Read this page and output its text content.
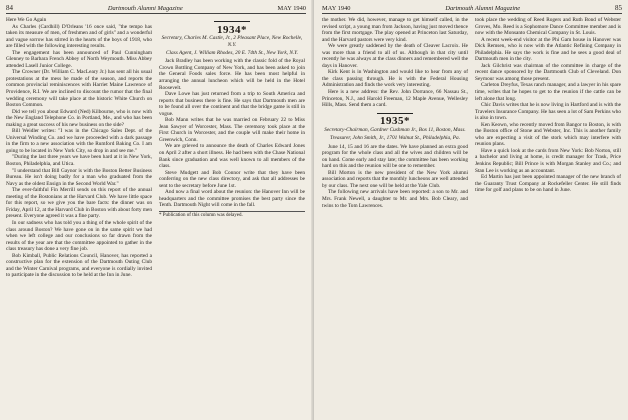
84	Dartmouth Alumni Magazine	MAY 1940

Here We Go Again

As Charles (Cardhill) D'Orleans '16 once said, "the tempo has taken its measure of men, of freshmen and of girls" and a wonderful and vague sorrow has stirred in the hearts of the boys of 1918, who are filled with the following interesting results.

The engagement has been announced of Paul Cunningham Glenney to Barbara French Abbey of North Weymouth. Miss Abbey attended Lasell Junior College.

The Crowner (Dr. William C. MacLeary Jr.) has sent all his usual protestations at the mess he made of the season, and reports the common provincial reminiscences with Harriet Maine Lawrence of Providence, R.I. We are inclined to discount the rumor that the final wedding ceremony will take place at the historic White Church on Boston Common.

Did we tell you about Edward (Ned) Kilbourne, who is now with the New England Telephone Co. in Portland, Me., and who has been making a great success of his new business on the side?

Bill Weidler writes: "I was in the Chicago Sales Dept. of the Universal Winding Co. and we have proceeded with a dark passage in the firm to a new association with the Rumford Baking Co. I am going to be located in New York City, so drop in and see me."

"During the last three years we have been hard at it in New York, Boston, Philadelphia, and Utica.

"I understand that Bill Gaynor is with the Boston Better Business Bureau. He isn't doing badly for a man who graduated from the Navy as the oldest Ensign in the Second World War."

The ever-faithful Fin Merrill sends on this report of the annual meeting of the Bostonians at the Harvard Club. We have little space for this report, so we give you the bare facts: the dinner was on Friday, April 12, at the Harvard Club in Boston with about forty men present. Everyone agreed it was a fine party.

In our sadness who has told you a thing of the whole spirit of the class around Boston? We have gone on in the same spirit we had when we left college and our conclusions so far drawn from the results of the year are that the committee appointed to gather in the class treasury has done a very fine job.

Bob Kimball, Public Relations Council, Hanover, has reported a constructive plan for the extension of the Dartmouth Outing Club and the Winter Carnival programs, and everyone is cordially invited to participate in the discussion to be held at the Inn in June.

1934*
Secretary, Charles M. Castle, Jr., 2 Pleasant Place, New Rochelle, N.Y.
Class Agent, J. William Rhodes, 20 E. 74th St., New York, N.Y.

Jack Bradley has been working with the classic fold of the Royal Crown Bottling Company of New York, and has been asked to join the General Foods sales force. He has been most helpful in arranging the annual luncheon which will be held in the Hotel Roosevelt.

Dave Lowe has just returned from a trip to South America and reports that business there is fine. He says that Dartmouth men are to be found all over the continent and that the bridge game is still in vogue.

Bob Mann writes that he was married on February 22 to Miss Jean Sawyer of Worcester, Mass. The ceremony took place at the First Church in Worcester, and the couple will make their home in Greenwich, Conn.

We are grieved to announce the death of Charles Edward Jones on April 2 after a short illness. He had been with the Chase National Bank since graduation and was well known to all members of the class.

Steve Mudgett and Bob Connor write that they have been conferring on the new class directory, and ask that all addresses be sent to the secretary before June 1st.

And now a final word about the reunion: the Hanover Inn will be headquarters and the committee promises the best party since the Tenth. Dartmouth Night will come in the fall.

* Publication of this column was delayed.
MAY 1940	Dartmouth Alumni Magazine	85

the mother. We did, however, manage to get himself called, in the revised script, a young man from Jackson, having just moved thence from the first mortgage. The play opened at Princeton last Saturday, and the Harvard pastors were very kind.

We were greatly saddened by the death of Cleaver Lacroix. He was more than a friend to all of us. Although in that city until recently he was always at the class dinners and remembered well the days in Hanover.

Kirk Kent is in Washington and would like to hear from any of the class passing through. He is with the Federal Housing Administration and finds the work very interesting.

Here is a new address: the Rev. John Dorrance, 66 Nassau St., Princeton, N.J., and Harold Freeman, 12 Maple Avenue, Wellesley Hills, Mass. Send them a card.

1935*
Secretary-Chairman, Gardner Cushman Jr., Box 11, Boston, Mass.
Treasurer, John Smith, Jr., 1701 Walnut St., Philadelphia, Pa.

June 14, 15 and 16 are the dates. We have planned an extra good program for the whole class and all the wives and children will be on hand. Come early and stay late; the committee has been working hard on this and the reunion will be one to remember.

Bill Morton is the new president of the New York alumni association and reports that the monthly luncheons are well attended by our class. The next one will be held at the Yale Club.

The following new arrivals have been reported: a son to Mr. and Mrs. Frank Newell, a daughter to Mr. and Mrs. Bob Cleary, and twins to the Tom Lawrences.

took place the wedding of Reed Rogers and Ruth Bond of Webster Groves, Mo. Reed is a Sophomore Dance Committee member and is now with the Monsanto Chemical Company in St. Louis.

A recent week-end visitor at the Phi Gam house in Hanover was Dick Remsen, who is now with the Atlantic Refining Company in Philadelphia. He says the work is fine and he sees a good deal of Dartmouth men in the city.

Jack Gilchrist was chairman of the committee in charge of the recent dance sponsored by the Dartmouth Club of Cleveland. Don Seymour was among those present.

Carleton Dreyfus, Texas ranch manager, and a lawyer in his spare time, writes that he hopes to get to the reunion if the cattle can be left alone that long.

Chic Davis writes that he is now living in Hartford and is with the Travelers Insurance Company. He has seen a lot of Sam Perkins who is also in town.

Ken Keown, who recently moved from Bangor to Boston, is with the Boston office of Stone and Webster, Inc. This is another family who are expecting a visit of the stork which may interfere with reunion plans.

Have a quick look at the cards from New York: Bob Norton, still a bachelor and living at home, is credit manager for Trask, Price Jenkins Republic; Bill Prince is with Morgan Stanley and Co.; and Stan Lee is working as an accountant.

Ed Martin has just been appointed manager of the new branch of the Guaranty Trust Company at Rockefeller Center. He still finds time for golf and plans to be on hand in June.
